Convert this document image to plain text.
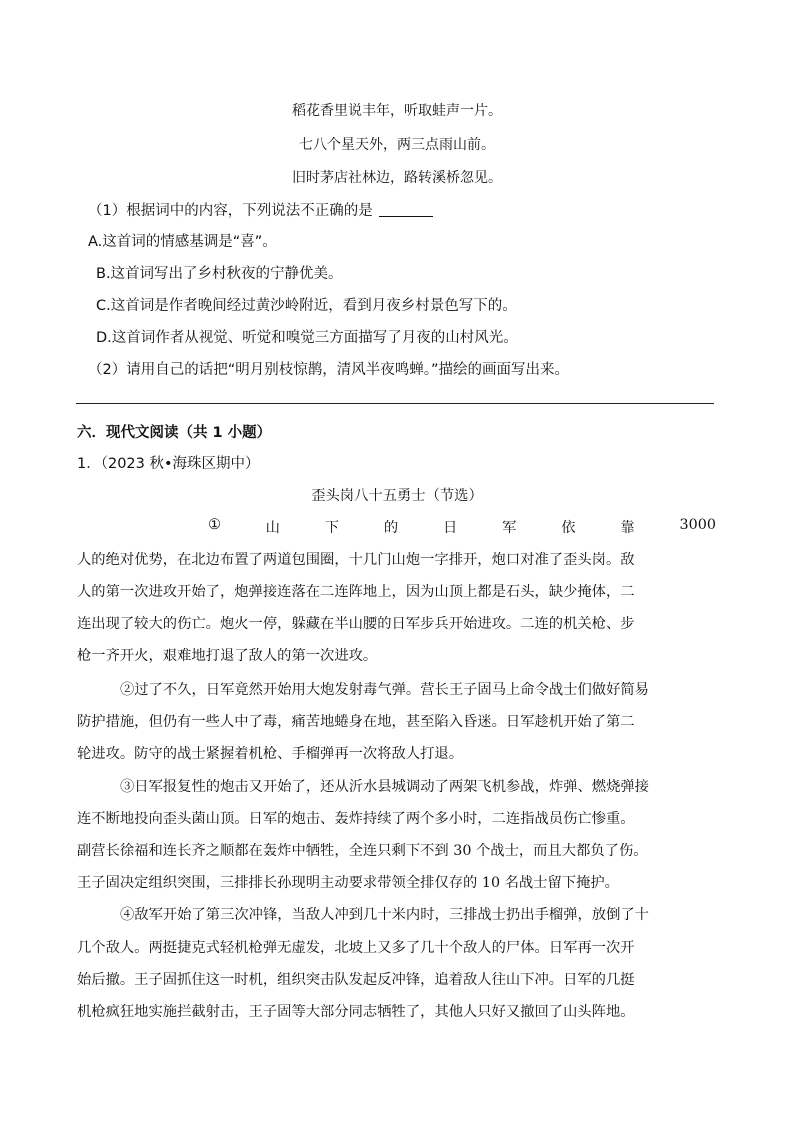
稻花香里说丰年，听取蛙声一片。
七八个星天外，两三点雨山前。
旧时茅店社林边，路转溪桥忽见。
（1）根据词中的内容，下列说法不正确的是
A.这首词的情感基调是“喜”。
B.这首词写出了乡村秋夜的宁静优美。
C.这首词是作者晚间经过黄沙岭附近，看到月夜乡村景色写下的。
D.这首词作者从视觉、听觉和嗅觉三方面描写了月夜的山村风光。
（2）请用自己的话把“明月别枝惊鹊，清风半夜鸣蝉。”描绘的画面写出来。
六．现代文阅读（共 1 小题）
1．（2023 秋•海珠区期中）
歪头岗八十五勇士（节选）
①	山	下	的	日	军	依	靠	3000
人的绝对优势，在北边布置了两道包围圈，十几门山炮一字排开，炮口对准了歪头岗。敌
人的第一次进攻开始了，炮弹接连落在二连阵地上，因为山顶上都是石头，缺少掩体，二
连出现了较大的伤亡。炮火一停，躲藏在半山腰的日军步兵开始进攻。二连的机关枪、步
枪一齐开火，艰难地打退了敌人的第一次进攻。
②过了不久，日军竟然开始用大炮发射毒气弹。营长王子固马上命令战士们做好简易
防护措施，但仍有一些人中了毒，痛苦地蜷身在地，甚至陷入昏迷。日军趁机开始了第二
轮进攻。防守的战士紧握着机枪、手榴弹再一次将敌人打退。
③日军报复性的炮击又开始了，还从沂水县城调动了两架飞机参战，炸弹、燃烧弹接
连不断地投向歪头菌山顶。日军的炮击、轰炸持续了两个多小时，二连指战员伤亡惨重。
副营长徐福和连长齐之顺都在轰炸中牺牲，全连只剩下不到 30 个战士，而且大都负了伤。
王子固决定组织突围，三排排长孙现明主动要求带领全排仅存的 10 名战士留下掩护。
④敌军开始了第三次冲锋，当敌人冲到几十米内时，三排战士扔出手榴弹，放倒了十
几个敌人。两挺捷克式轻机枪弹无虚发，北坡上又多了几十个敌人的尸体。日军再一次开
始后撤。王子固抓住这一时机，组织突击队发起反冲锋，追着敌人往山下冲。日军的几挺
机枪疯狂地实施拦截射击，王子固等大部分同志牺牲了，其他人只好又撤回了山头阵地。
